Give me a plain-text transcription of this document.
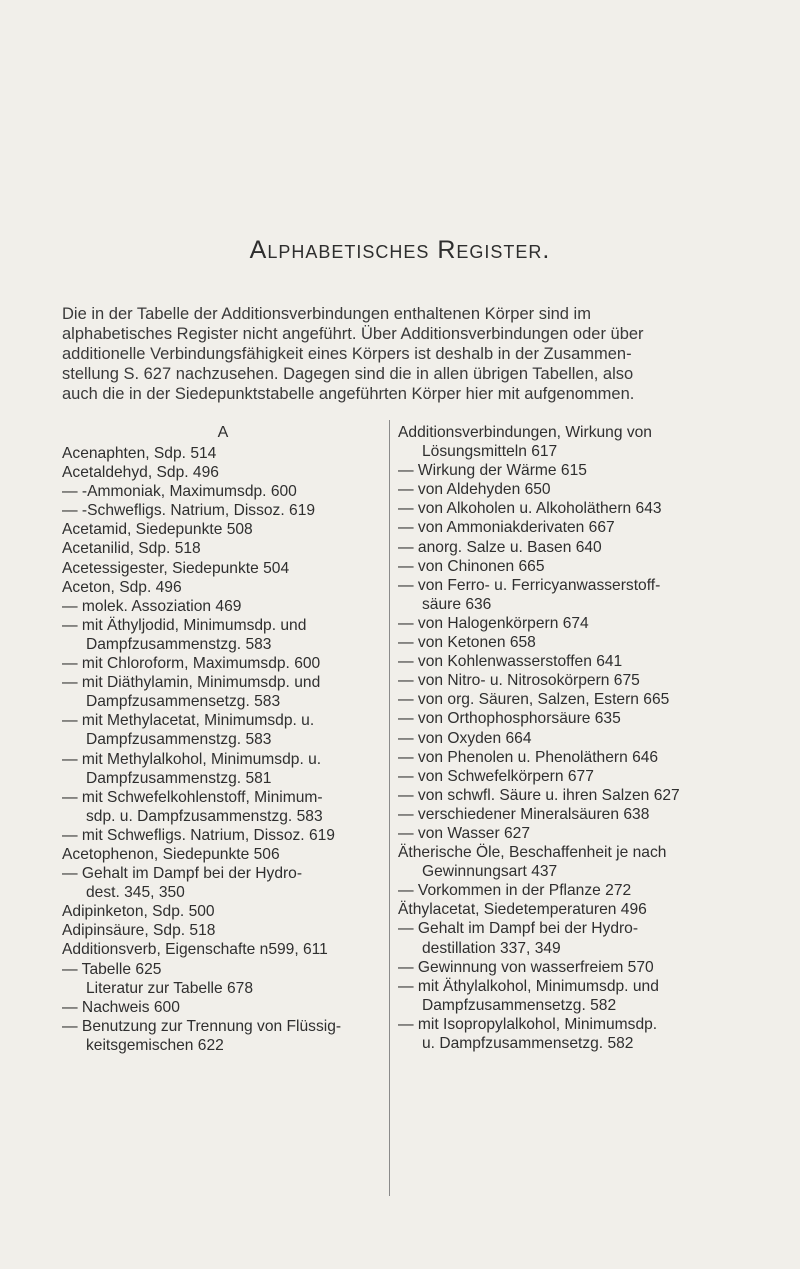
Alphabetisches Register.
Die in der Tabelle der Additionsverbindungen enthaltenen Körper sind im
alphabetisches Register nicht angeführt. Über Additionsverbindungen oder über
additionelle Verbindungsfähigkeit eines Körpers ist deshalb in der Zusammen-
stellung S. 627 nachzusehen. Dagegen sind die in allen übrigen Tabellen, also
auch die in der Siedepunktstabelle angeführten Körper hier mit aufgenommen.
A
Acenaphten, Sdp. 514
Acetaldehyd, Sdp. 496
— -Ammoniak, Maximumsdp. 600
— -Schwefligs. Natrium, Dissoz. 619
Acetamid, Siedepunkte 508
Acetanilid, Sdp. 518
Acetessigester, Siedepunkte 504
Aceton, Sdp. 496
— molek. Assoziation 469
— mit Äthyljodid, Minimumsdp. und
Dampfzusammenstzg. 583
— mit Chloroform, Maximumsdp. 600
— mit Diäthylamin, Minimumsdp. und
Dampfzusammensetzg. 583
— mit Methylacetat, Minimumsdp. u.
Dampfzusammenstzg. 583
— mit Methylalkohol, Minimumsdp. u.
Dampfzusammenstzg. 581
— mit Schwefelkohlenstoff, Minimum-
sdp. u. Dampfzusammenstzg. 583
— mit Schwefligs. Natrium, Dissoz. 619
Acetophenon, Siedepunkte 506
— Gehalt im Dampf bei der Hydro-
dest. 345, 350
Adipinketon, Sdp. 500
Adipinsäure, Sdp. 518
Additionsverb, Eigenschafte n599, 611
— Tabelle 625
Literatur zur Tabelle 678
— Nachweis 600
— Benutzung zur Trennung von Flüssig-
keitsgemischen 622
Additionsverbindungen, Wirkung von
Lösungsmitteln 617
— Wirkung der Wärme 615
— von Aldehyden 650
— von Alkoholen u. Alkoholäthern 643
— von Ammoniakderivaten 667
— anorg. Salze u. Basen 640
— von Chinonen 665
— von Ferro- u. Ferricyanwasserstoff-
säure 636
— von Halogenkörpern 674
— von Ketonen 658
— von Kohlenwasserstoffen 641
— von Nitro- u. Nitrosokörpern 675
— von org. Säuren, Salzen, Estern 665
— von Orthophosphorsäure 635
— von Oxyden 664
— von Phenolen u. Phenoläthern 646
— von Schwefelkörpern 677
— von schwfl. Säure u. ihren Salzen 627
— verschiedener Mineralsäuren 638
— von Wasser 627
Ätherische Öle, Beschaffenheit je nach
Gewinnungsart 437
— Vorkommen in der Pflanze 272
Äthylacetat, Siedetemperaturen 496
— Gehalt im Dampf bei der Hydro-
destillation 337, 349
— Gewinnung von wasserfreiem 570
— mit Äthylalkohol, Minimumsdp. und
Dampfzusammensetzg. 582
— mit Isopropylalkohol, Minimumsdp.
u. Dampfzusammensetzg. 582
